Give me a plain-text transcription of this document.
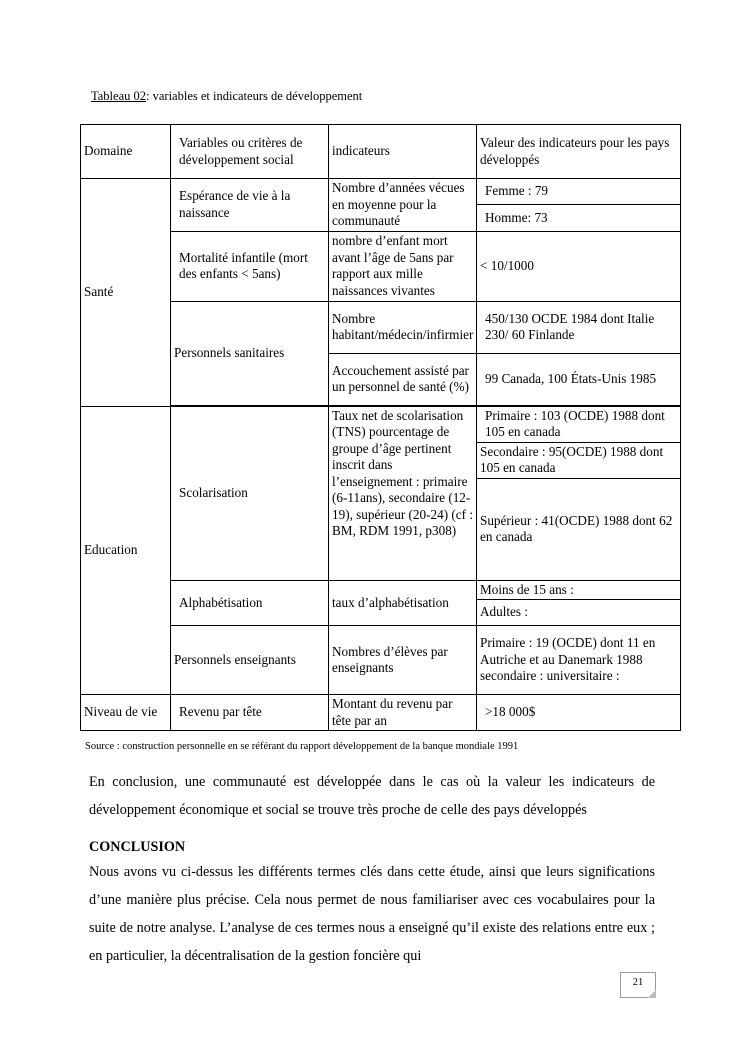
Tableau 02: variables et indicateurs de développement
Domaine	Variables ou critères de développement social	indicateurs	Valeur des indicateurs pour les pays développés
Santé	Espérance de vie à la naissance	Nombre d’années vécues en moyenne pour la communauté	Femme : 79
			Homme: 73
	Mortalité infantile (mort des enfants < 5ans)	nombre d’enfant mort avant l’âge de 5ans par rapport aux mille naissances vivantes	< 10/1000
	Personnels sanitaires	Nombre habitant/médecin/infirmier	450/130 OCDE 1984 dont Italie 230/ 60 Finlande
		Accouchement assisté par un personnel de santé (%)	99 Canada, 100 États-Unis 1985

Education	Scolarisation	Taux net de scolarisation (TNS) pourcentage de groupe d’âge pertinent inscrit dans l’enseignement : primaire (6-11ans), secondaire (12-19), supérieur (20-24) (cf : BM, RDM 1991, p308)	Primaire : 103 (OCDE) 1988 dont 105 en canada
			Secondaire : 95(OCDE) 1988 dont 105 en canada
			Supérieur : 41(OCDE) 1988 dont 62 en canada
	Alphabétisation	taux d’alphabétisation	Moins de 15 ans :
			Adultes :
	Personnels enseignants	Nombres d’élèves par enseignants	Primaire : 19 (OCDE) dont 11 en Autriche et au Danemark 1988 secondaire : universitaire :
Niveau de vie	Revenu par tête	Montant du revenu par tête par an	>18 000$
Source : construction personnelle en se référant du rapport développement de la banque mondiale 1991

En conclusion, une communauté est développée dans le cas où la valeur les indicateurs de développement économique et social se trouve très proche de celle des pays développés

CONCLUSION

Nous avons vu ci-dessus les différents termes clés dans cette étude, ainsi que leurs significations d’une manière plus précise. Cela nous permet de nous familiariser avec ces vocabulaires pour la suite de notre analyse. L’analyse de ces termes nous a enseigné qu’il existe des relations entre eux ; en particulier, la décentralisation de la gestion foncière qui

21
